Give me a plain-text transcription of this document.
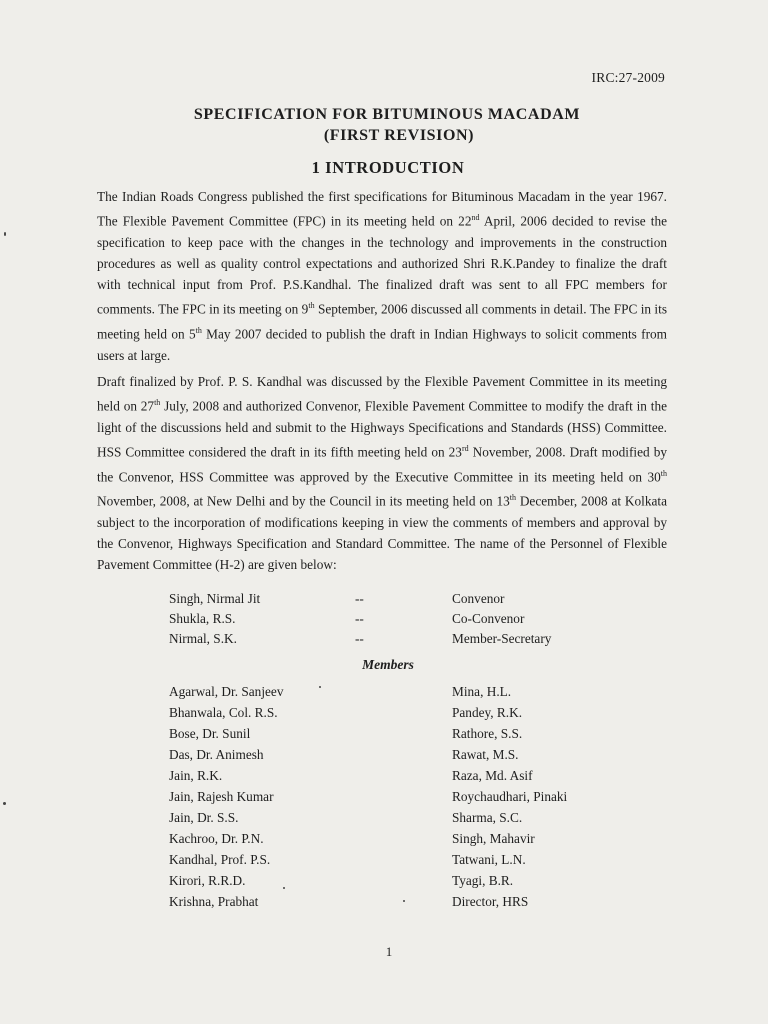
IRC:27-2009
SPECIFICATION FOR BITUMINOUS MACADAM
(FIRST REVISION)
1 INTRODUCTION

The Indian Roads Congress published the first specifications for Bituminous Macadam in the year 1967. The Flexible Pavement Committee (FPC) in its meeting held on 22nd April, 2006 decided to revise the specification to keep pace with the changes in the technology and improvements in the construction procedures as well as quality control expectations and authorized Shri R.K.Pandey to finalize the draft with technical input from Prof. P.S.Kandhal. The finalized draft was sent to all FPC members for comments. The FPC in its meeting on 9th September, 2006 discussed all comments in detail. The FPC in its meeting held on 5th May 2007 decided to publish the draft in Indian Highways to solicit comments from users at large.

Draft finalized by Prof. P. S. Kandhal was discussed by the Flexible Pavement Committee in its meeting held on 27th July, 2008 and authorized Convenor, Flexible Pavement Committee to modify the draft in the light of the discussions held and submit to the Highways Specifications and Standards (HSS) Committee. HSS Committee considered the draft in its fifth meeting held on 23rd November, 2008. Draft modified by the Convenor, HSS Committee was approved by the Executive Committee in its meeting held on 30th November, 2008, at New Delhi and by the Council in its meeting held on 13th December, 2008 at Kolkata subject to the incorporation of modifications keeping in view the comments of members and approval by the Convenor, Highways Specification and Standard Committee. The name of the Personnel of Flexible Pavement Committee (H-2) are given below:

Singh, Nirmal Jit	--	Convenor
Shukla, R.S.	--	Co-Convenor
Nirmal, S.K.	--	Member-Secretary
Members
Agarwal, Dr. Sanjeev	Mina, H.L.
Bhanwala, Col. R.S.	Pandey, R.K.
Bose, Dr. Sunil	Rathore, S.S.
Das, Dr. Animesh	Rawat, M.S.
Jain, R.K.	Raza, Md. Asif
Jain, Rajesh Kumar	Roychaudhari, Pinaki
Jain, Dr. S.S.	Sharma, S.C.
Kachroo, Dr. P.N.	Singh, Mahavir
Kandhal, Prof. P.S.	Tatwani, L.N.
Kirori, R.R.D.	Tyagi, B.R.
Krishna, Prabhat	Director, HRS
1
